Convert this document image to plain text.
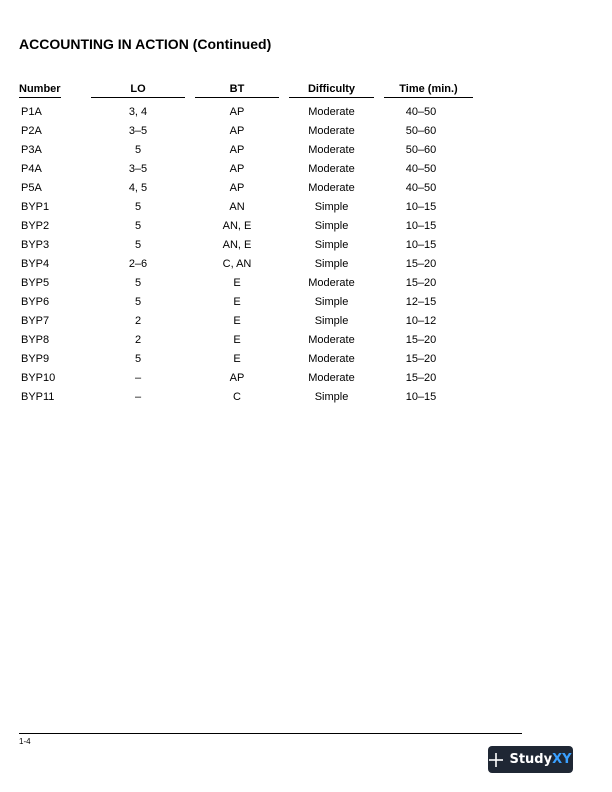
ACCOUNTING IN ACTION (Continued)
Number	LO	BT	Difficulty	Time (min.)
P1A	3, 4	AP	Moderate	40–50
P2A	3–5	AP	Moderate	50–60
P3A	5	AP	Moderate	50–60
P4A	3–5	AP	Moderate	40–50
P5A	4, 5	AP	Moderate	40–50
BYP1	5	AN	Simple	10–15
BYP2	5	AN, E	Simple	10–15
BYP3	5	AN, E	Simple	10–15
BYP4	2–6	C, AN	Simple	15–20
BYP5	5	E	Moderate	15–20
BYP6	5	E	Simple	12–15
BYP7	2	E	Simple	10–12
BYP8	2	E	Moderate	15–20
BYP9	5	E	Moderate	15–20
BYP10	–	AP	Moderate	15–20
BYP11	–	C	Simple	10–15
1-4
StudyXY
